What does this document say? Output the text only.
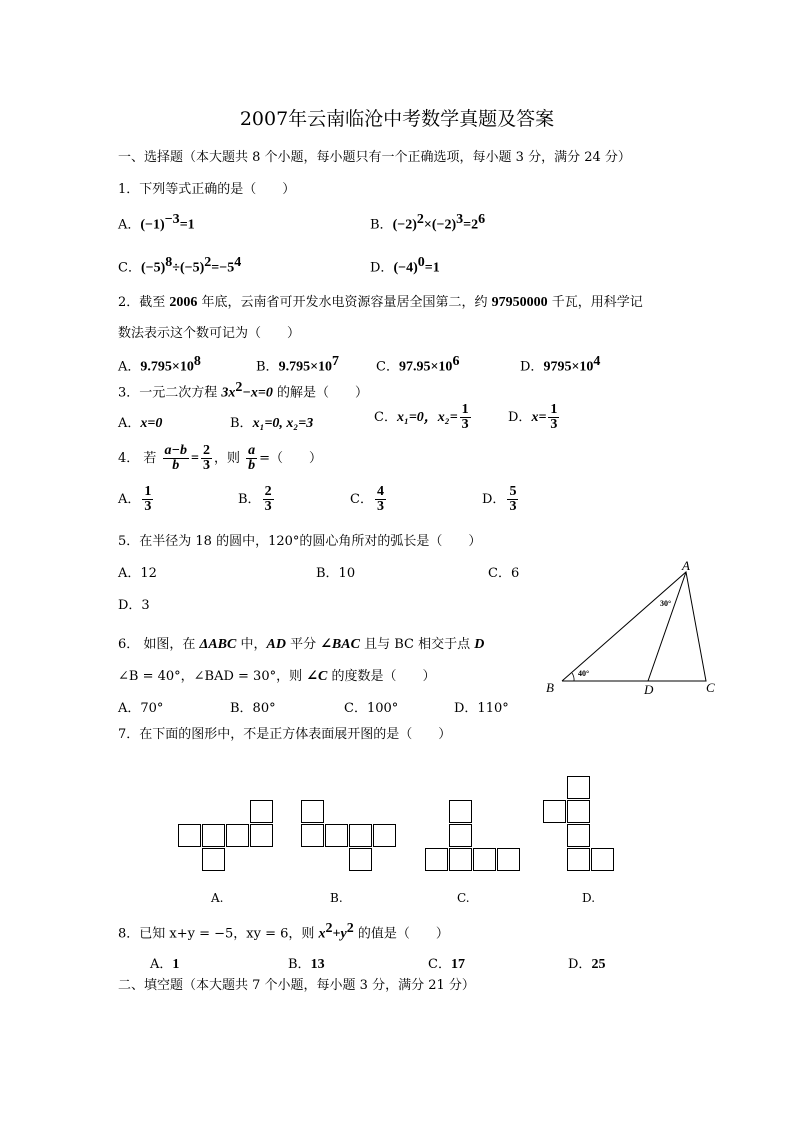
2007年云南临沧中考数学真题及答案
一、选择题（本大题共 8 个小题，每小题只有一个正确选项，每小题 3 分，满分 24 分）
1．下列等式正确的是（　　）
A．$(-1)^{-3}=1$	B．$(-2)^2\times(-2)^3=2^6$
C．$(-5)^8\div(-5)^2=-5^4$	D．$(-4)^0=1$
2．截至 2006 年底，云南省可开发水电资源容量居全国第二，约 97950000 千瓦，用科学记
数法表示这个数可记为（　　）
A．$9.795\times 10^8$	B．$9.795\times 10^7$	C．$97.95\times 10^6$	D．$9795\times 10^4$
3．一元二次方程 $3x^2-x=0$ 的解是（　　）
A．x=0	B．x₁=0, x₂=3	C．x₁=0，$x_2= \frac{1}{3}$	D．$x= \frac{1}{3}$
4． 若 $\frac{a-b}{b} = \frac{2}{3}$ ，则 $\frac{a}{b}$ =（　　）
A． $\frac{1}{3}$	B． $\frac{2}{3}$	C． $\frac{4}{3}$	D． $\frac{5}{3}$
5．在半径为 18 的圆中，120°的圆心角所对的弧长是（　　）
A．12	B．10	C．6
D．3
6． 如图，在 ΔABC 中，AD 平分 ∠BAC 且与 BC 相交于点 D
∠B = 40°，∠BAD = 30°，则 ∠C 的度数是（　　）
A．70°	B．80°	C．100°	D．110°
A
B	C
D
30°
40°
7．在下面的图形中，不是正方体表面展开图的是（　　）
A.	B.	C.	D.
8．已知 x+y = −5，xy = 6，则 $x^2+y^2$ 的值是（　　）
A．1	B．13	C．17	D．25
二、填空题（本大题共 7 个小题，每小题 3 分，满分 21 分）
